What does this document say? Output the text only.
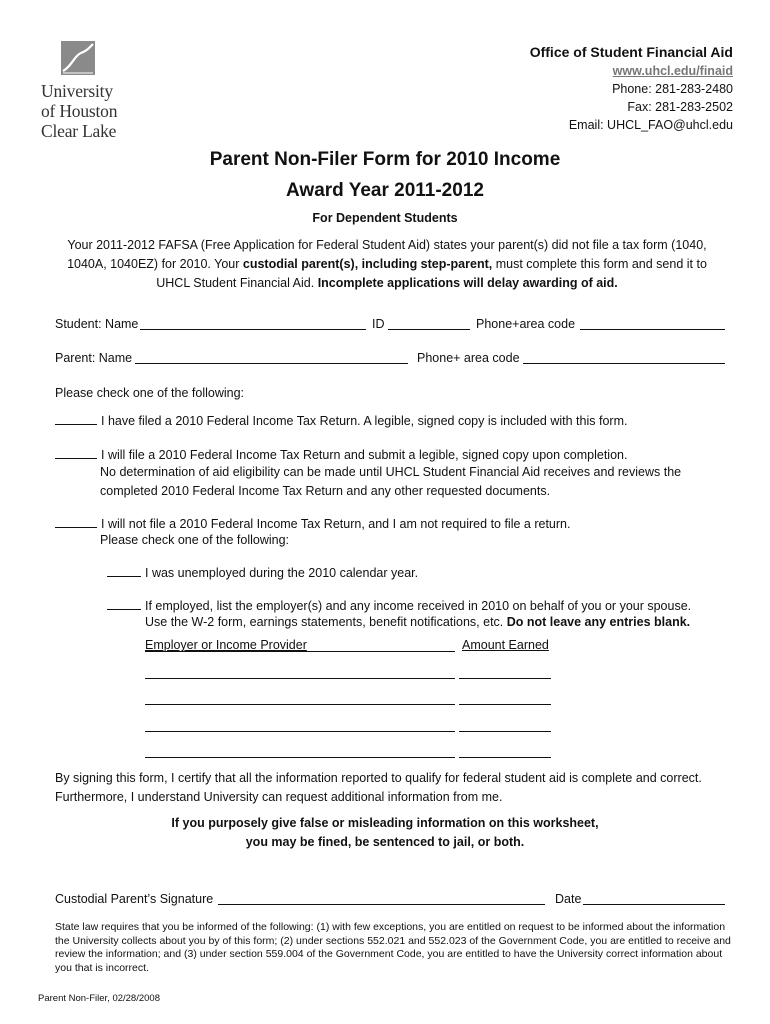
University
of Houston
Clear Lake
Office of Student Financial Aid
www.uhcl.edu/finaid
Phone: 281-283-2480
Fax: 281-283-2502
Email: UHCL_FAO@uhcl.edu
Parent Non-Filer Form for 2010 Income
Award Year 2011-2012
For Dependent Students
Your 2011-2012 FAFSA (Free Application for Federal Student Aid) states your parent(s) did not file a tax form (1040, 1040A, 1040EZ) for 2010. Your custodial parent(s), including step-parent, must complete this form and send it to UHCL Student Financial Aid. Incomplete applications will delay awarding of aid.
Student: Name	ID	Phone+area code
Parent: Name	Phone+ area code
Please check one of the following:
I have filed a 2010 Federal Income Tax Return. A legible, signed copy is included with this form.
I will file a 2010 Federal Income Tax Return and submit a legible, signed copy upon completion.
No determination of aid eligibility can be made until UHCL Student Financial Aid receives and reviews the
completed 2010 Federal Income Tax Return and any other requested documents.
I will not file a 2010 Federal Income Tax Return, and I am not required to file a return.
Please check one of the following:
I was unemployed during the 2010 calendar year.
If employed, list the employer(s) and any income received in 2010 on behalf of you or your spouse.
Use the W-2 form, earnings statements, benefit notifications, etc. Do not leave any entries blank.
Employer or Income Provider	Amount Earned
By signing this form, I certify that all the information reported to qualify for federal student aid is complete and correct.
Furthermore, I understand University can request additional information from me.
If you purposely give false or misleading information on this worksheet,
you may be fined, be sentenced to jail, or both.
Custodial Parent’s Signature	Date
State law requires that you be informed of the following: (1) with few exceptions, you are entitled on request to be informed about the information the University collects about you by of this form; (2) under sections 552.021 and 552.023 of the Government Code, you are entitled to receive and review the information; and (3) under section 559.004 of the Government Code, you are entitled to have the University correct information about you that is incorrect.
Parent Non-Filer, 02/28/2008
